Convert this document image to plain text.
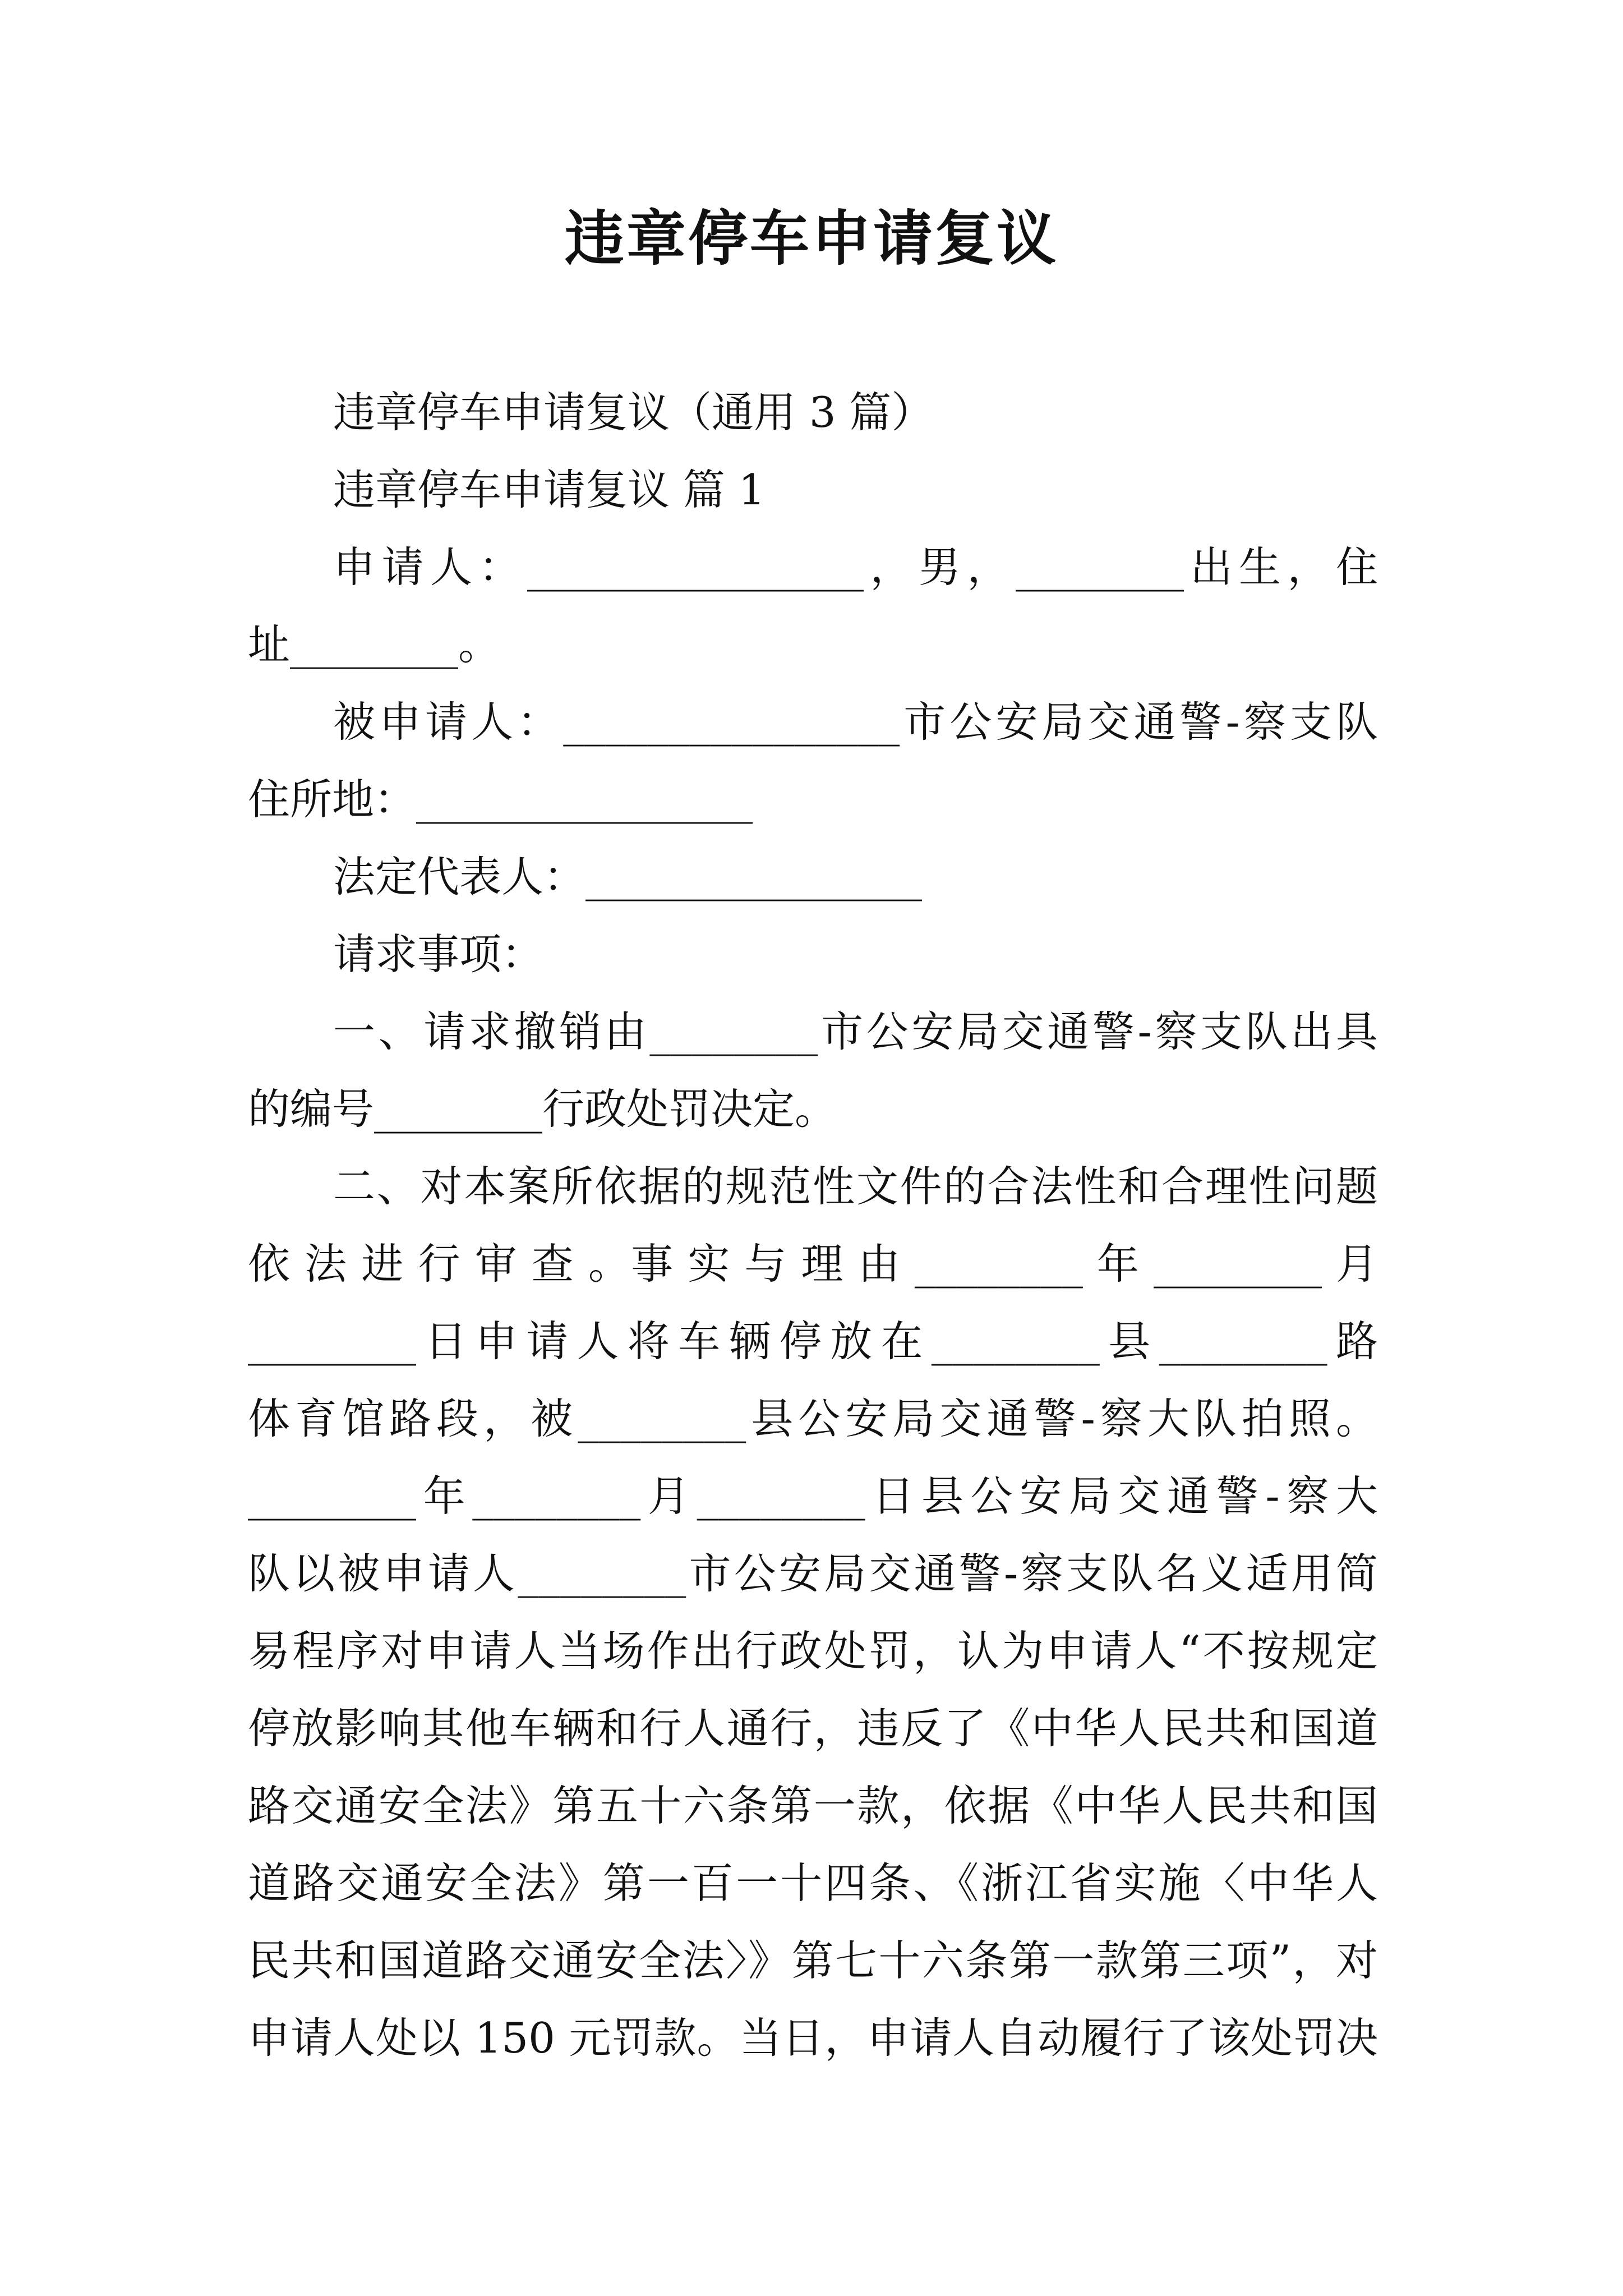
违章停车申请复议
违章停车申请复议（通用 3 篇）
违章停车申请复议 篇 1
申请人：________________，男，________出生，住
址________。
被申请人：________________市公安局交通警-察支队
住所地：________________
法定代表人：________________
请求事项：
一、请求撤销由________市公安局交通警-察支队出具
的编号________行政处罚决定。
二、对本案所依据的规范性文件的合法性和合理性问题
依 法 进 行 审 查 。事 实 与 理 由 ________ 年 ________ 月
________日申请人将车辆停放在________县________路
体育馆路段，被________县公安局交通警-察大队拍照。
________年________月________日县公安局交通警-察大
队以被申请人________市公安局交通警-察支队名义适用简
易程序对申请人当场作出行政处罚，认为申请人“不按规定
停放影响其他车辆和行人通行，违反了《中华人民共和国道
路交通安全法》第五十六条第一款，依据《中华人民共和国
道路交通安全法》第一百一十四条、《浙江省实施〈中华人
民共和国道路交通安全法〉》第七十六条第一款第三项”，对
申请人处以 150 元罚款。当日，申请人自动履行了该处罚决
